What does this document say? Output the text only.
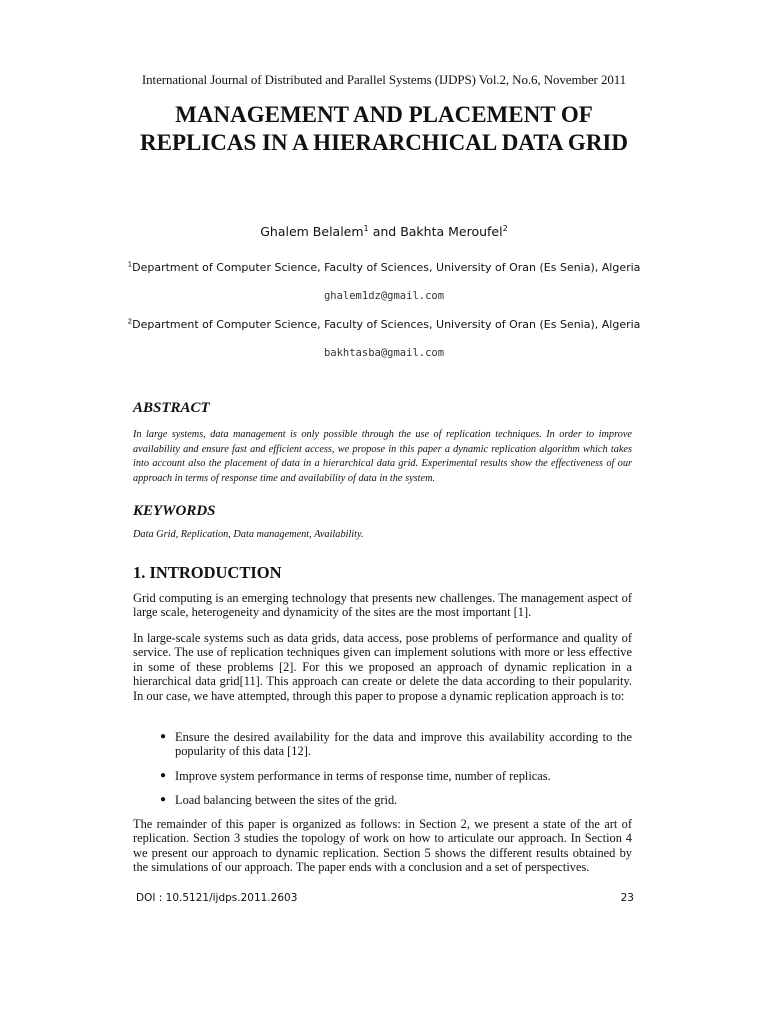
International Journal of Distributed and Parallel Systems (IJDPS) Vol.2, No.6, November 2011
MANAGEMENT AND PLACEMENT OF REPLICAS IN A HIERARCHICAL DATA GRID
Ghalem Belalem$^1$ and Bakhta Meroufel$^2$
$^1$Department of Computer Science, Faculty of Sciences, University of Oran (Es Senia), Algeria
ghalem1dz@gmail.com
$^2$Department of Computer Science, Faculty of Sciences, University of Oran (Es Senia), Algeria
bakhtasba@gmail.com
ABSTRACT
In large systems, data management is only possible through the use of replication techniques. In order to improve availability and ensure fast and efficient access, we propose in this paper a dynamic replication algorithm which takes into account also the placement of data in a hierarchical data grid. Experimental results show the effectiveness of our approach in terms of response time and availability of data in the system.
KEYWORDS
Data Grid, Replication, Data management, Availability.
1. INTRODUCTION
Grid computing is an emerging technology that presents new challenges. The management aspect of large scale, heterogeneity and dynamicity of the sites are the most important [1].
In large-scale systems such as data grids, data access, pose problems of performance and quality of service. The use of replication techniques given can implement solutions with more or less effective in some of these problems [2]. For this we proposed an approach of dynamic replication in a hierarchical data grid[11]. This approach can create or delete the data according to their popularity. In our case, we have attempted, through this paper to propose a dynamic replication approach is to:
● Ensure the desired availability for the data and improve this availability according to the popularity of this data [12].
● Improve system performance in terms of response time, number of replicas.
● Load balancing between the sites of the grid.
The remainder of this paper is organized as follows: in Section 2, we present a state of the art of replication. Section 3 studies the topology of work on how to articulate our approach. In Section 4 we present our approach to dynamic replication. Section 5 shows the different results obtained by the simulations of our approach. The paper ends with a conclusion and a set of perspectives.
DOI : 10.5121/ijdps.2011.2603	23
